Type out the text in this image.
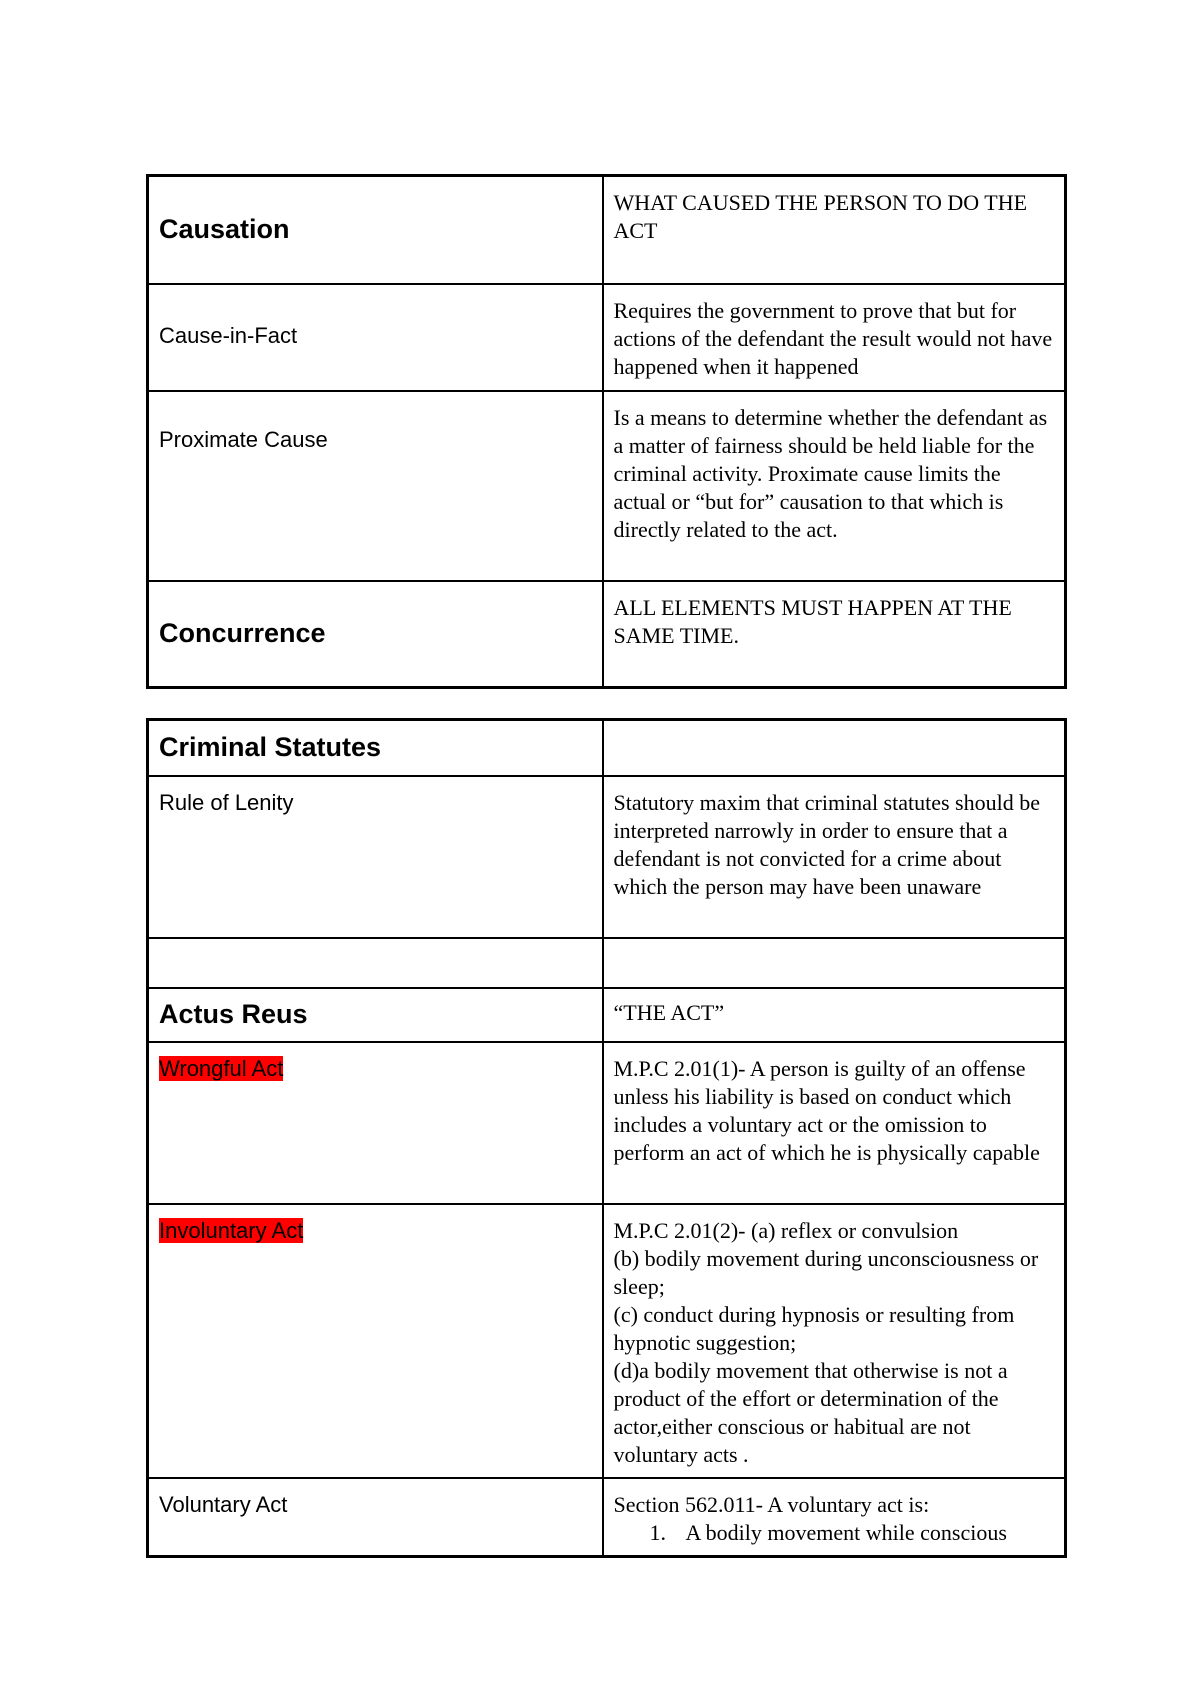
Causation	WHAT CAUSED THE PERSON TO DO THE ACT
Cause-in-Fact	Requires the government to prove that but for actions of the defendant the result would not have happened when it happened
Proximate Cause	Is a means to determine whether the defendant as a matter of fairness should be held liable for the criminal activity. Proximate cause limits the actual or “but for” causation to that which is directly related to the act.
Concurrence	ALL ELEMENTS MUST HAPPEN AT THE SAME TIME.
Criminal Statutes	
Rule of Lenity	Statutory maxim that criminal statutes should be interpreted narrowly in order to ensure that a defendant is not convicted for a crime about which the person may have been unaware

Actus Reus	“THE ACT”
Wrongful Act	M.P.C 2.01(1)- A person is guilty of an offense unless his liability is based on conduct which includes a voluntary act or the omission to perform an act of which he is physically capable
Involuntary Act	M.P.C 2.01(2)- (a) reflex or convulsion
(b) bodily movement during unconsciousness or sleep;
(c) conduct during hypnosis or resulting from hypnotic suggestion;
(d)a bodily movement that otherwise is not a product of the effort or determination of the actor,either conscious or habitual are not voluntary acts .

Voluntary Act	Section 562.011- A voluntary act is:
1. A bodily movement while conscious
